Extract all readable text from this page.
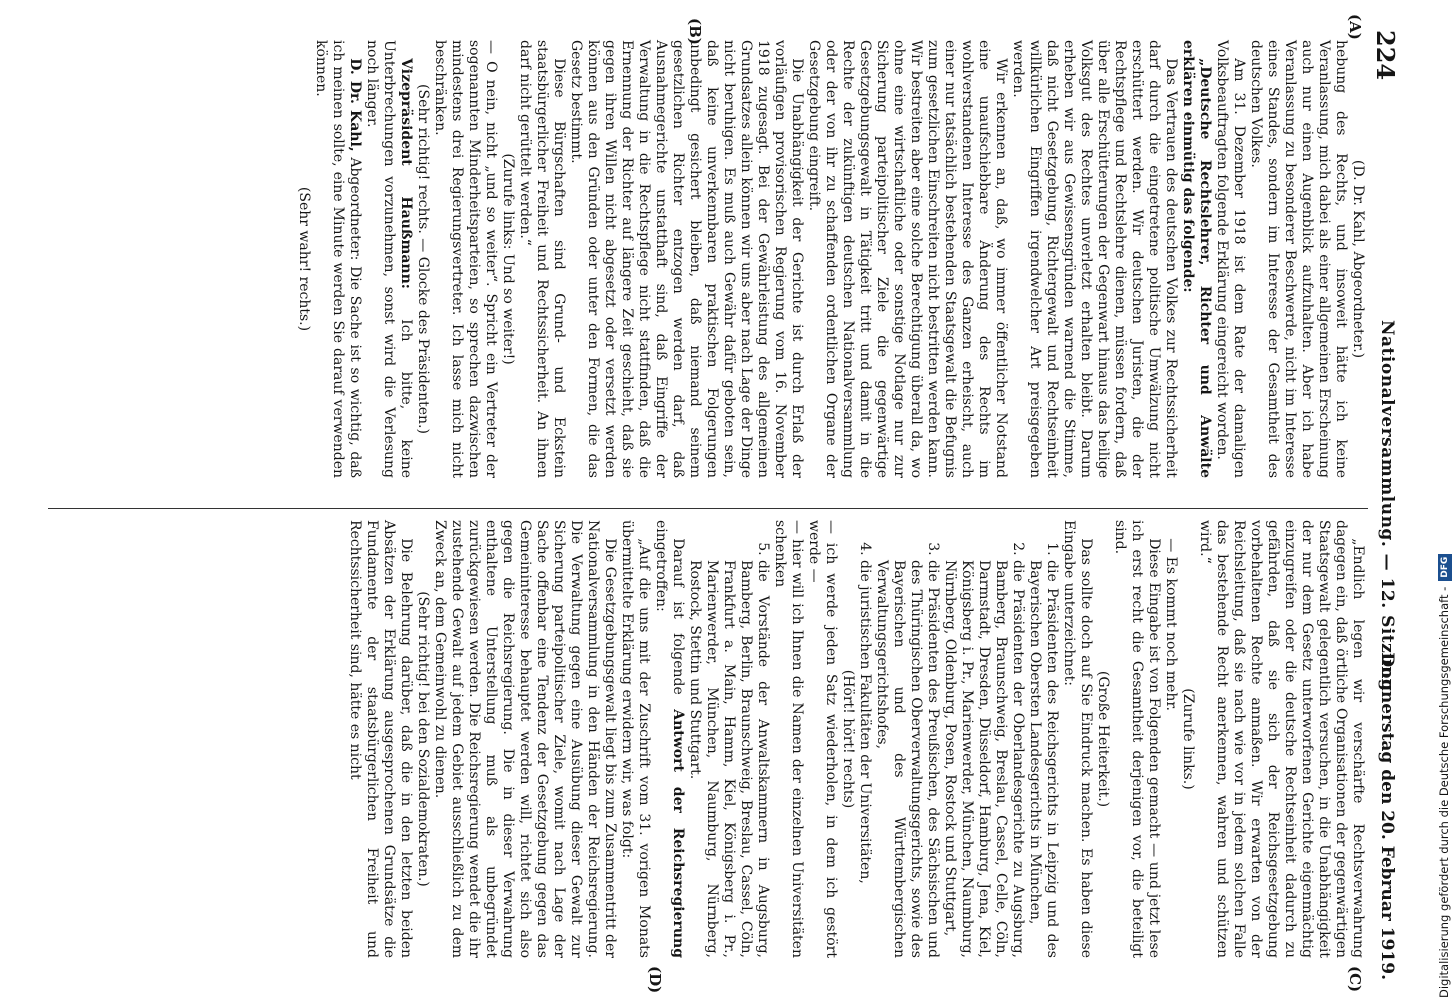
224
Nationalversammlung. — 12. Sitzung.
Donnerstag den 20. Februar 1919.
(A)
(B)
(C)
(D)

(D. Dr. Kahl, Abgeordneter.)

hebung des Rechts, und insoweit hätte ich keine Veranlassung, mich dabei als einer allgemeinen Erscheinung auch nur einen Augenblick aufzuhalten. Aber ich habe Veranlassung zu besonderer Beschwerde, nicht im Interesse eines Standes, sondern im Interesse der Gesamtheit des deutschen Volkes.

Am 31. Dezember 1918 ist dem Rate der damaligen Volksbeauftragten folgende Erklärung eingereicht worden.

„Deutsche Rechtslehrer, Richter und Anwälte erklären einmütig das folgende:

Das Vertrauen des deutschen Volkes zur Rechtssicherheit darf durch die eingetretene politische Umwälzung nicht erschüttert werden. Wir deutschen Juristen, die der Rechtspflege und Rechtslehre dienen, müssen fordern, daß über alle Erschütterungen der Gegenwart hinaus das heilige Volksgut des Rechtes unverletzt erhalten bleibt. Darum erheben wir aus Gewissensgründen warnend die Stimme, daß nicht Gesetzgebung, Richtergewalt und Rechtseinheit willkürlichen Eingriffen irgendwelcher Art preisgegeben werden.

Wir erkennen an, daß, wo immer öffentlicher Notstand eine unaufschiebbare Änderung des Rechts im wohlverstandenen Interesse des Ganzen erheischt, auch einer nur tatsächlich bestehenden Staatsgewalt die Befugnis zum gesetzlichen Einschreiten nicht bestritten werden kann. Wir bestreiten aber eine solche Berechtigung überall da, wo ohne eine wirtschaftliche oder sonstige Notlage nur zur Sicherung parteipolitischer Ziele die gegenwärtige Gesetzgebungsgewalt in Tätigkeit tritt und damit in die Rechte der zukünftigen deutschen Nationalversammlung oder der von ihr zu schaffenden ordentlichen Organe der Gesetzgebung eingreift.

Die Unabhängigkeit der Gerichte ist durch Erlaß der vorläufigen provisorischen Regierung vom 16. November 1918 zugesagt. Bei der Gewährleistung des allgemeinen Grundsatzes allein können wir uns aber nach Lage der Dinge nicht beruhigen. Es muß auch Gewähr dafür geboten sein, daß keine unverkennbaren praktischen Folgerungen unbedingt gesichert bleiben, daß niemand seinem gesetzlichen Richter entzogen werden darf, daß Ausnahmegerichte unstatthaft sind, daß Eingriffe der Verwaltung in die Rechtspflege nicht stattfinden, daß die Ernennung der Richter auf längere Zeit geschieht, daß sie gegen ihren Willen nicht abgesetzt oder versetzt werden können aus den Gründen oder unter den Formen, die das Gesetz bestimmt.

Diese Bürgschaften sind Grund- und Eckstein staatsbürgerlicher Freiheit und Rechtssicherheit. An ihnen darf nicht gerüttelt werden.“

(Zurufe links: Und so weiter!)

— O nein, nicht „und so weiter“. Spricht ein Vertreter der sogenannten Minderheitsparteien, so sprechen dazwischen mindestens drei Regierungsvertreter. Ich lasse mich nicht beschränken.

(Sehr richtig! rechts. — Glocke des Präsidenten.)

Vizepräsident Haußmann: Ich bitte, keine Unterbrechungen vorzunehmen, sonst wird die Verlesung noch länger.

D. Dr. Kahl, Abgeordneter: Die Sache ist so wichtig, daß ich meinen sollte, eine Minute werden Sie darauf verwenden können.

(Sehr wahr! rechts.)

„Endlich legen wir verschärfte Rechtsverwahrung dagegen ein, daß örtliche Organisationen der gegenwärtigen Staatsgewalt gelegentlich versuchen, in die Unabhängigkeit der nur dem Gesetz unterworfenen Gerichte eigenmächtig einzugreifen oder die deutsche Rechtseinheit dadurch zu gefährden, daß sie sich der Reichsgesetzgebung vorbehaltenen Rechte anmaßen. Wir erwarten von der Reichsleitung, daß sie nach wie vor in jedem solchen Falle das bestehende Recht anerkennen, wahren und schützen wird.“

(Zurufe links.)

— Es kommt noch mehr.

Diese Eingabe ist von Folgenden gemacht — und jetzt lese ich erst recht die Gesamtheit derjenigen vor, die beteiligt sind.

(Große Heiterkeit.)

Das sollte doch auf Sie Eindruck machen. Es haben diese Eingabe unterzeichnet:

1. die Präsidenten des Reichsgerichts in Leipzig und des Bayerischen Obersten Landesgerichts in München,
2. die Präsidenten der Oberlandesgerichte zu Augsburg, Bamberg, Braunschweig, Breslau, Cassel, Celle, Cöln, Darmstadt, Dresden, Düsseldorf, Hamburg, Jena, Kiel, Königsberg i. Pr., Marienwerder, München, Naumburg, Nürnberg, Oldenburg, Posen, Rostock und Stuttgart,
3. die Präsidenten des Preußischen, des Sächsischen und des Thüringischen Oberverwaltungsgerichts, sowie des Bayerischen und des Württembergischen Verwaltungsgerichtshofes,
4. die juristischen Fakultäten der Universitäten,

(Hört! hört! rechts)

— ich werde jeden Satz wiederholen, in dem ich gestört werde —

— hier will ich Ihnen die Namen der einzelnen Universitäten schenken

5. die Vorstände der Anwaltskammern in Augsburg, Bamberg, Berlin, Braunschweig, Breslau, Cassel, Cöln, Frankfurt a. Main, Hamm, Kiel, Königsberg i. Pr., Marienwerder, München, Naumburg, Nürnberg, Rostock, Stettin und Stuttgart.

Darauf ist folgende Antwort der Reichsregierung eingetroffen:

„Auf die uns mit der Zuschrift vom 31. vorigen Monats übermittelte Erklärung erwidern wir, was folgt:

Die Gesetzgebungsgewalt liegt bis zum Zusammentritt der Nationalversammlung in den Händen der Reichsregierung. Die Verwaltung gegen eine Ausübung dieser Gewalt zur Sicherung parteipolitischer Ziele, womit nach Lage der Sache offenbar eine Tendenz der Gesetzgebung gegen das Gemeininteresse behauptet werden will, richtet sich also gegen die Reichsregierung. Die in dieser Verwahrung enthaltene Unterstellung muß als unbegründet zurückgewiesen werden. Die Reichsregierung wendet die ihr zustehende Gewalt auf jedem Gebiet ausschließlich zu dem Zweck an, dem Gemeinwohl zu dienen.

(Sehr richtig! bei den Sozialdemokraten.)

Die Belehrung darüber, daß die in den letzten beiden Absätzen der Erklärung ausgesprochenen Grundsätze die Fundamente der staatsbürgerlichen Freiheit und Rechtssicherheit sind, hätte es nicht	Digitalisierung gefördert durch die Deutsche Forschungsgemeinschaft -DFG
